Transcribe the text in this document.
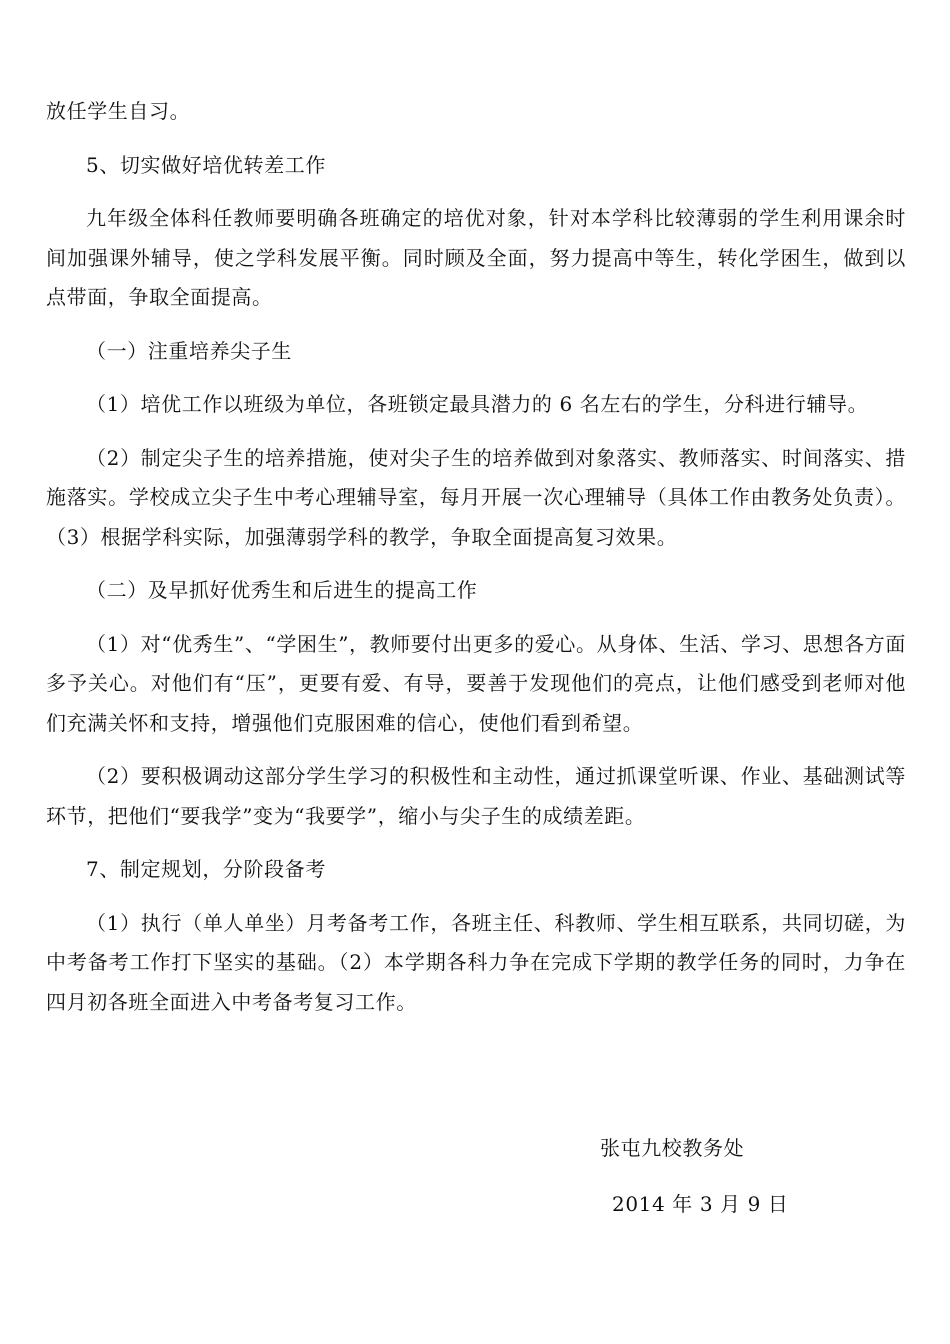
放任学生自习。

5、切实做好培优转差工作

九年级全体科任教师要明确各班确定的培优对象，针对本学科比较薄弱的学生利用课余时间加强课外辅导，使之学科发展平衡。同时顾及全面，努力提高中等生，转化学困生，做到以点带面，争取全面提高。

（一）注重培养尖子生

（1）培优工作以班级为单位，各班锁定最具潜力的 6 名左右的学生，分科进行辅导。

（2）制定尖子生的培养措施，使对尖子生的培养做到对象落实、教师落实、时间落实、措施落实。学校成立尖子生中考心理辅导室，每月开展一次心理辅导（具体工作由教务处负责）。（3）根据学科实际，加强薄弱学科的教学，争取全面提高复习效果。

（二）及早抓好优秀生和后进生的提高工作

（1）对“优秀生”、“学困生”，教师要付出更多的爱心。从身体、生活、学习、思想各方面多予关心。对他们有“压”，更要有爱、有导，要善于发现他们的亮点，让他们感受到老师对他们充满关怀和支持，增强他们克服困难的信心，使他们看到希望。

（2）要积极调动这部分学生学习的积极性和主动性，通过抓课堂听课、作业、基础测试等环节，把他们“要我学”变为“我要学”，缩小与尖子生的成绩差距。

7、制定规划，分阶段备考

（1）执行（单人单坐）月考备考工作，各班主任、科教师、学生相互联系，共同切磋，为中考备考工作打下坚实的基础。（2）本学期各科力争在完成下学期的教学任务的同时，力争在四月初各班全面进入中考备考复习工作。

张屯九校教务处
2014 年 3 月 9 日
